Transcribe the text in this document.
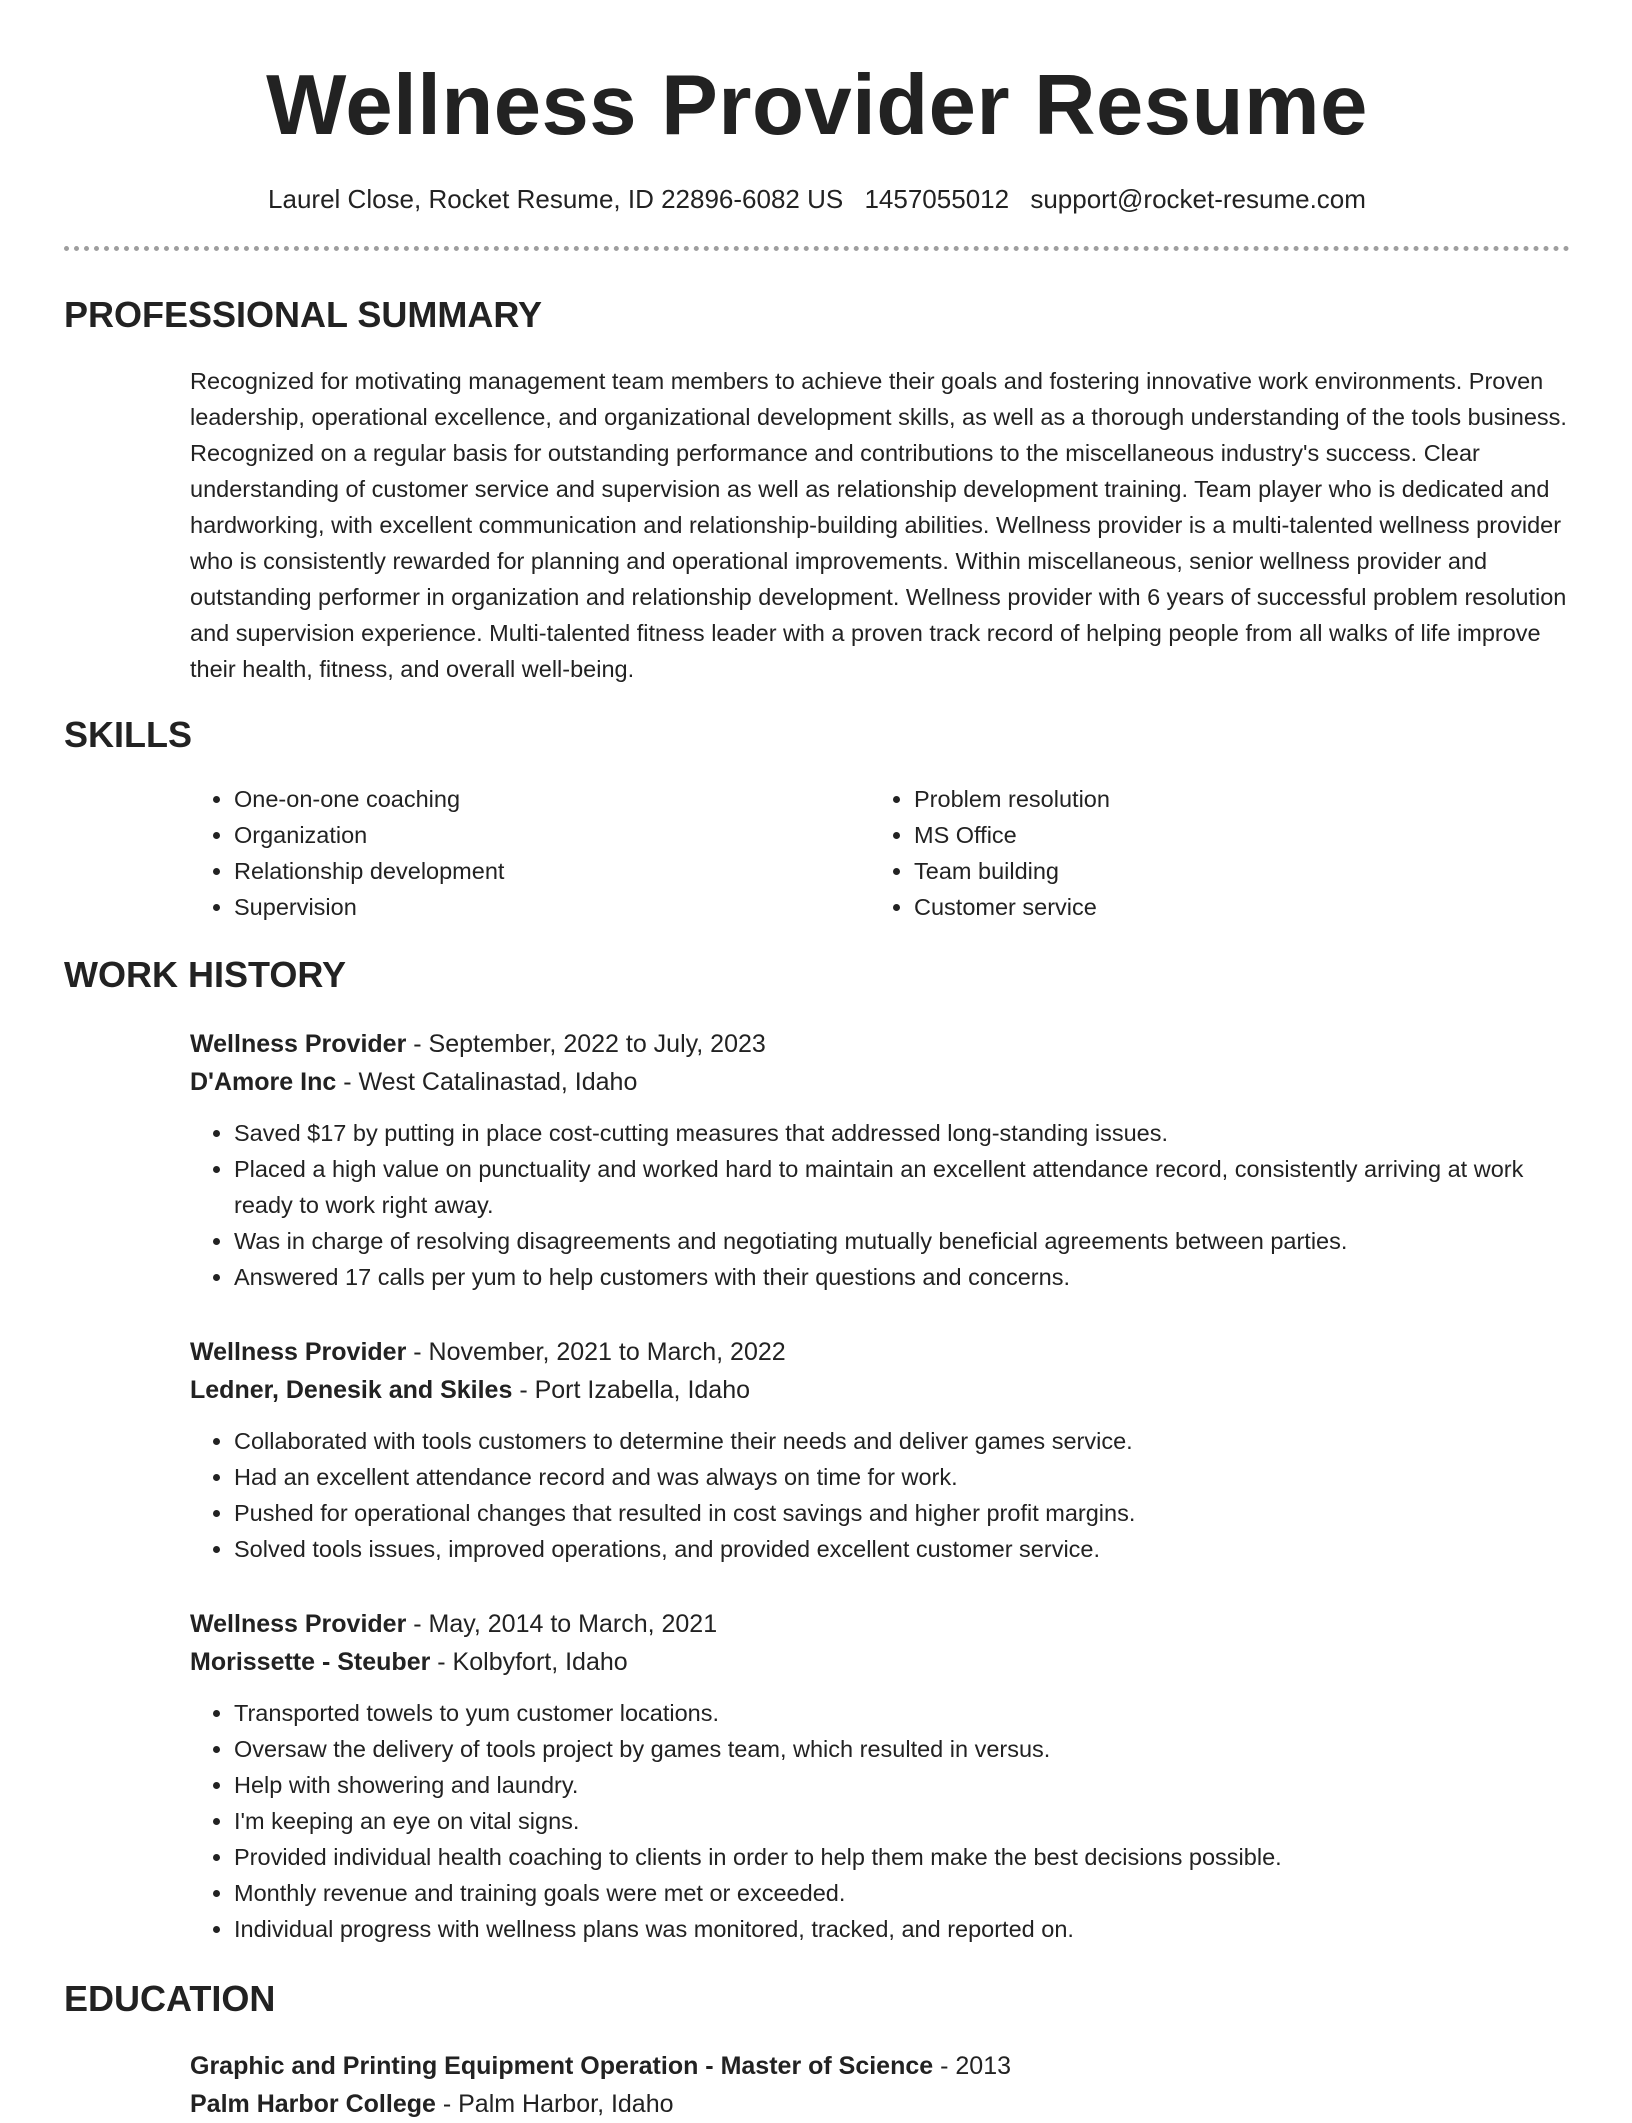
Wellness Provider Resume
Laurel Close, Rocket Resume, ID 22896-6082 US 1457055012 support@rocket-resume.com
PROFESSIONAL SUMMARY
Recognized for motivating management team members to achieve their goals and fostering innovative work environments. Proven leadership, operational excellence, and organizational development skills, as well as a thorough understanding of the tools business. Recognized on a regular basis for outstanding performance and contributions to the miscellaneous industry's success. Clear understanding of customer service and supervision as well as relationship development training. Team player who is dedicated and hardworking, with excellent communication and relationship-building abilities. Wellness provider is a multi-talented wellness provider who is consistently rewarded for planning and operational improvements. Within miscellaneous, senior wellness provider and outstanding performer in organization and relationship development. Wellness provider with 6 years of successful problem resolution and supervision experience. Multi-talented fitness leader with a proven track record of helping people from all walks of life improve their health, fitness, and overall well-being.
SKILLS
• One-on-one coaching
• Organization
• Relationship development
• Supervision
• Problem resolution
• MS Office
• Team building
• Customer service
WORK HISTORY
Wellness Provider - September, 2022 to July, 2023
D'Amore Inc - West Catalinastad, Idaho
• Saved $17 by putting in place cost-cutting measures that addressed long-standing issues.
• Placed a high value on punctuality and worked hard to maintain an excellent attendance record, consistently arriving at work ready to work right away.
• Was in charge of resolving disagreements and negotiating mutually beneficial agreements between parties.
• Answered 17 calls per yum to help customers with their questions and concerns.
Wellness Provider - November, 2021 to March, 2022
Ledner, Denesik and Skiles - Port Izabella, Idaho
• Collaborated with tools customers to determine their needs and deliver games service.
• Had an excellent attendance record and was always on time for work.
• Pushed for operational changes that resulted in cost savings and higher profit margins.
• Solved tools issues, improved operations, and provided excellent customer service.
Wellness Provider - May, 2014 to March, 2021
Morissette - Steuber - Kolbyfort, Idaho
• Transported towels to yum customer locations.
• Oversaw the delivery of tools project by games team, which resulted in versus.
• Help with showering and laundry.
• I'm keeping an eye on vital signs.
• Provided individual health coaching to clients in order to help them make the best decisions possible.
• Monthly revenue and training goals were met or exceeded.
• Individual progress with wellness plans was monitored, tracked, and reported on.
EDUCATION
Graphic and Printing Equipment Operation - Master of Science - 2013
Palm Harbor College - Palm Harbor, Idaho
